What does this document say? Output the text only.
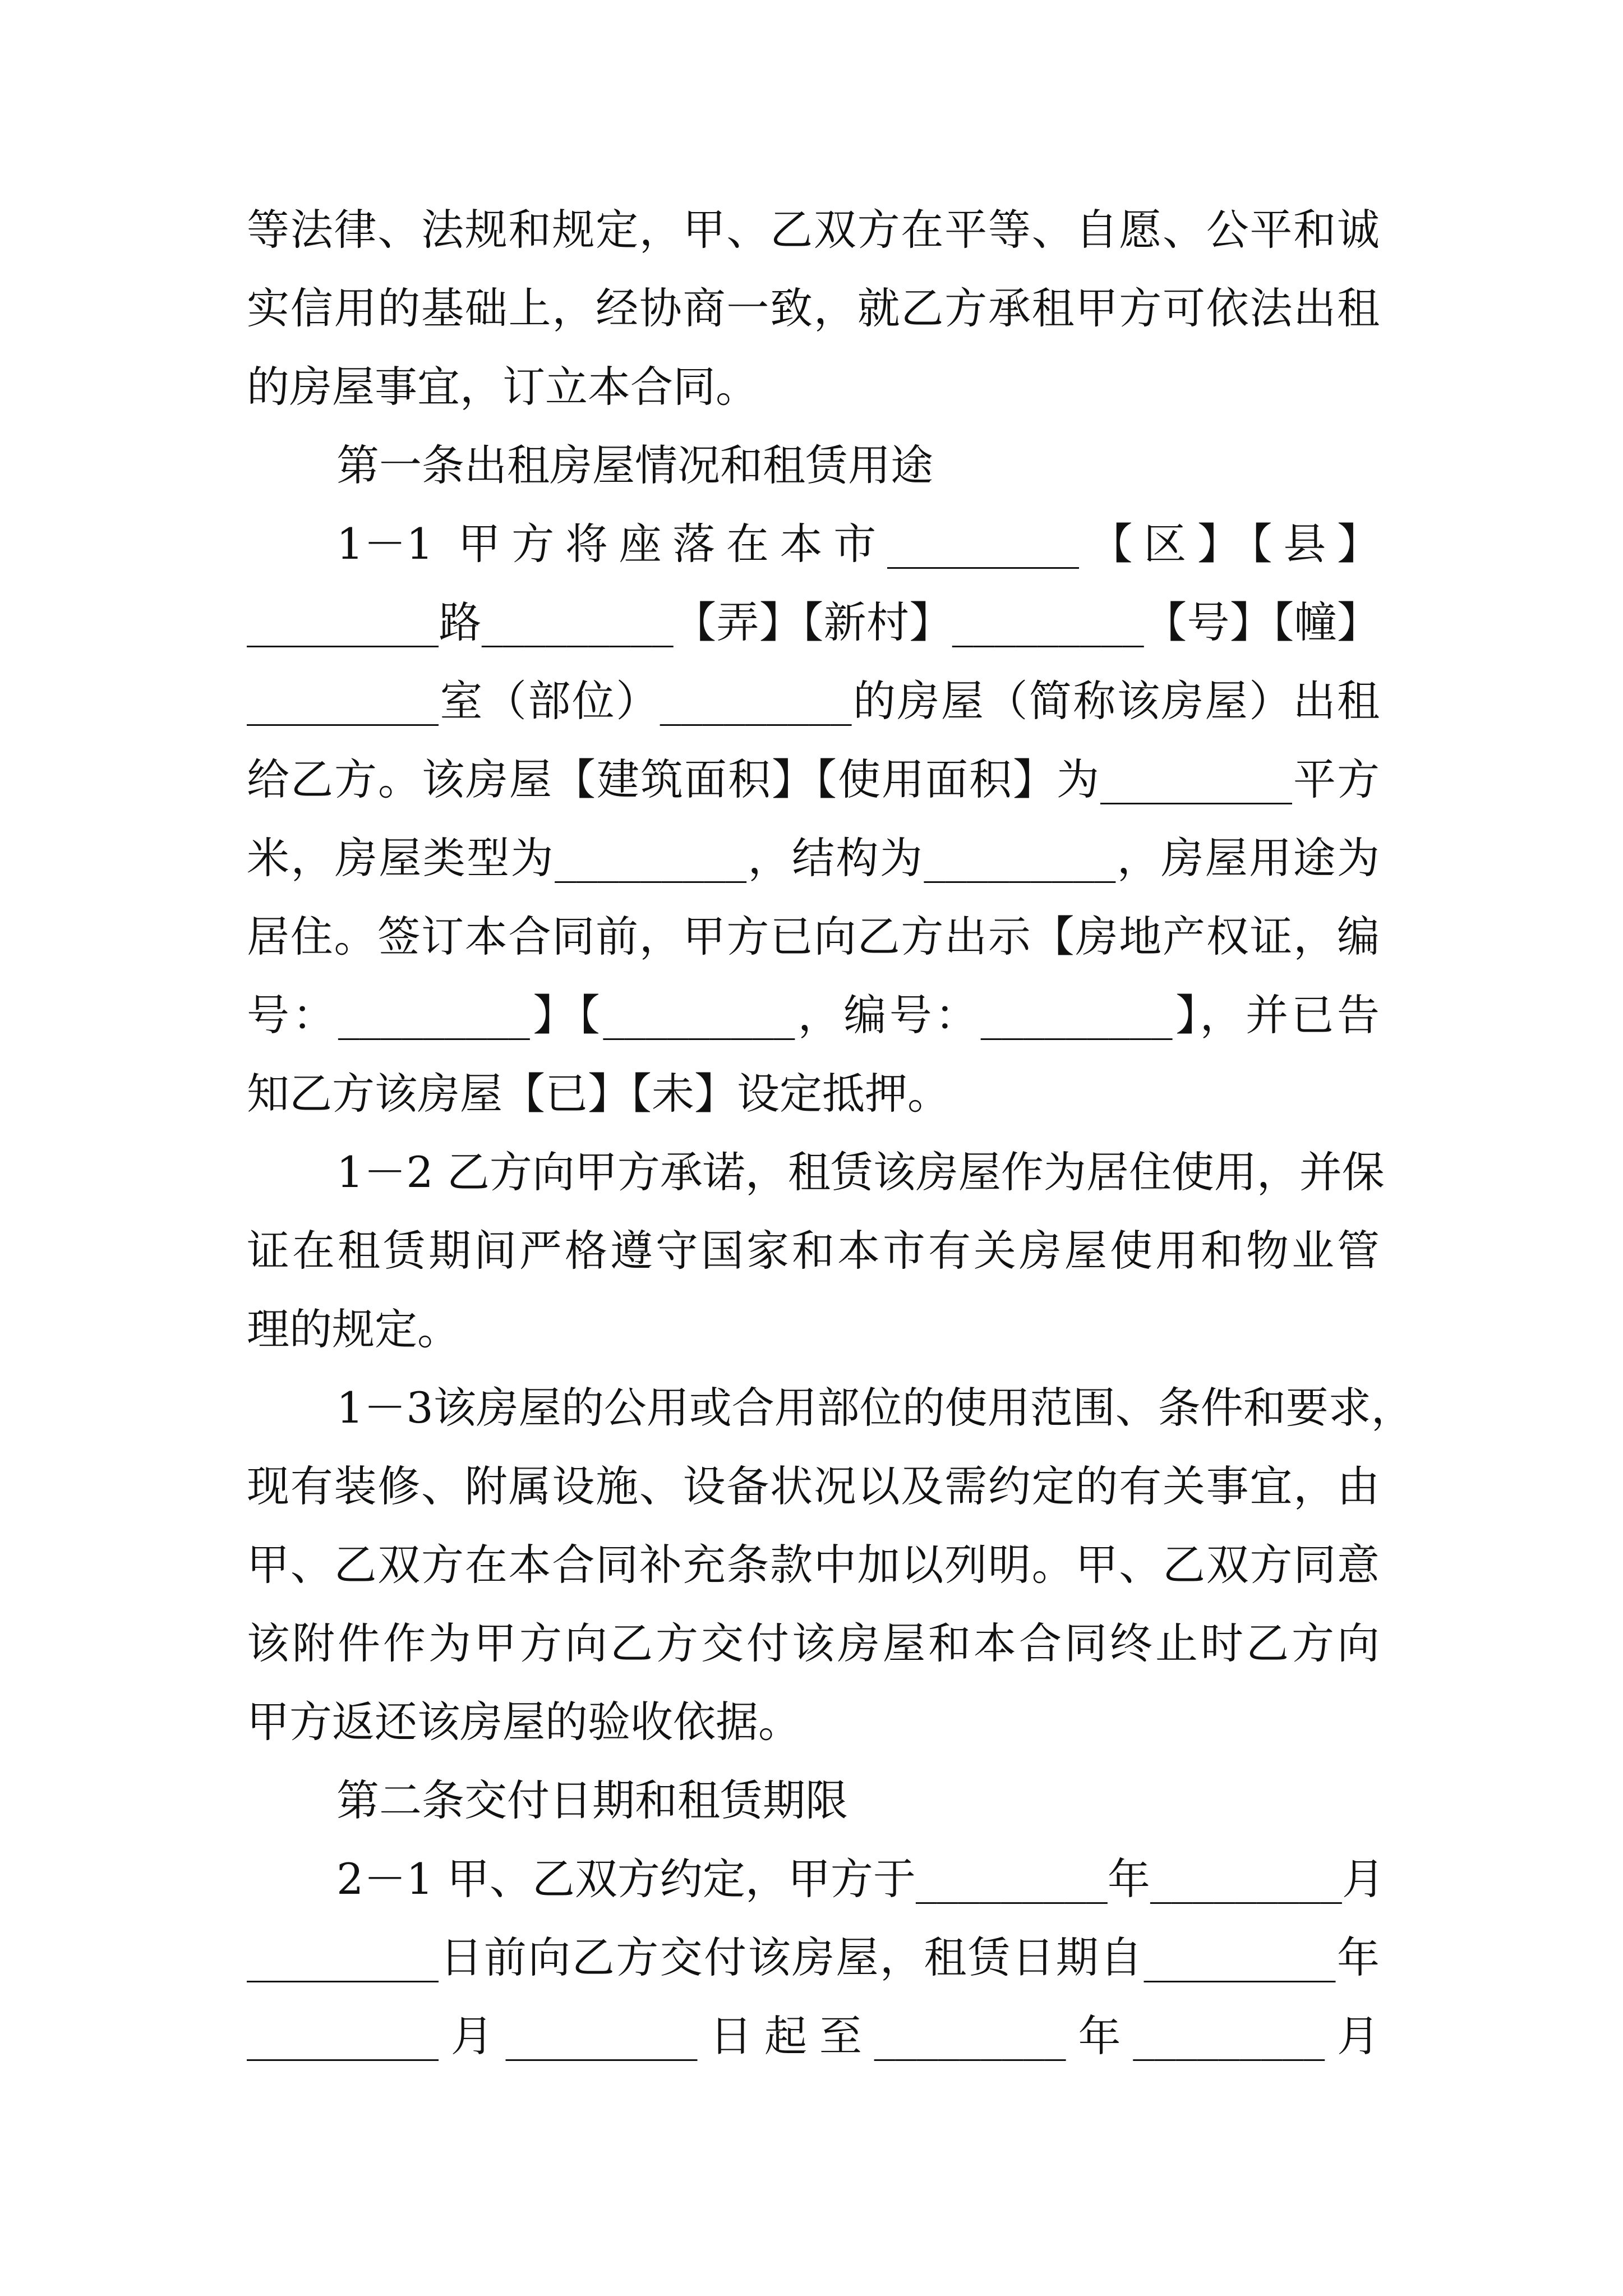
等法律、法规和规定，甲、乙双方在平等、自愿、公平和诚
实信用的基础上，经协商一致，就乙方承租甲方可依法出租
的房屋事宜，订立本合同。
第一条出租房屋情况和租赁用途
1－1 甲方将座落在本市_________【区】【县】
_________路_________【弄】【新村】_________【号】【幢】
_________室（部位）_________的房屋（简称该房屋）出租
给乙方。该房屋【建筑面积】【使用面积】为_________平方
米，房屋类型为_________，结构为_________，房屋用途为
居住。签订本合同前，甲方已向乙方出示【房地产权证，编
号：_________】【_________，编号：_________】，并已告
知乙方该房屋【已】【未】设定抵押。
1－2 乙方向甲方承诺，租赁该房屋作为居住使用，并保
证在租赁期间严格遵守国家和本市有关房屋使用和物业管
理的规定。
1－3该房屋的公用或合用部位的使用范围、条件和要求，
现有装修、附属设施、设备状况以及需约定的有关事宜，由
甲、乙双方在本合同补充条款中加以列明。甲、乙双方同意
该附件作为甲方向乙方交付该房屋和本合同终止时乙方向
甲方返还该房屋的验收依据。
第二条交付日期和租赁期限
2－1 甲、乙双方约定，甲方于_________年_________月
_________日前向乙方交付该房屋，租赁日期自_________年
_________月_________日起至_________年_________月
